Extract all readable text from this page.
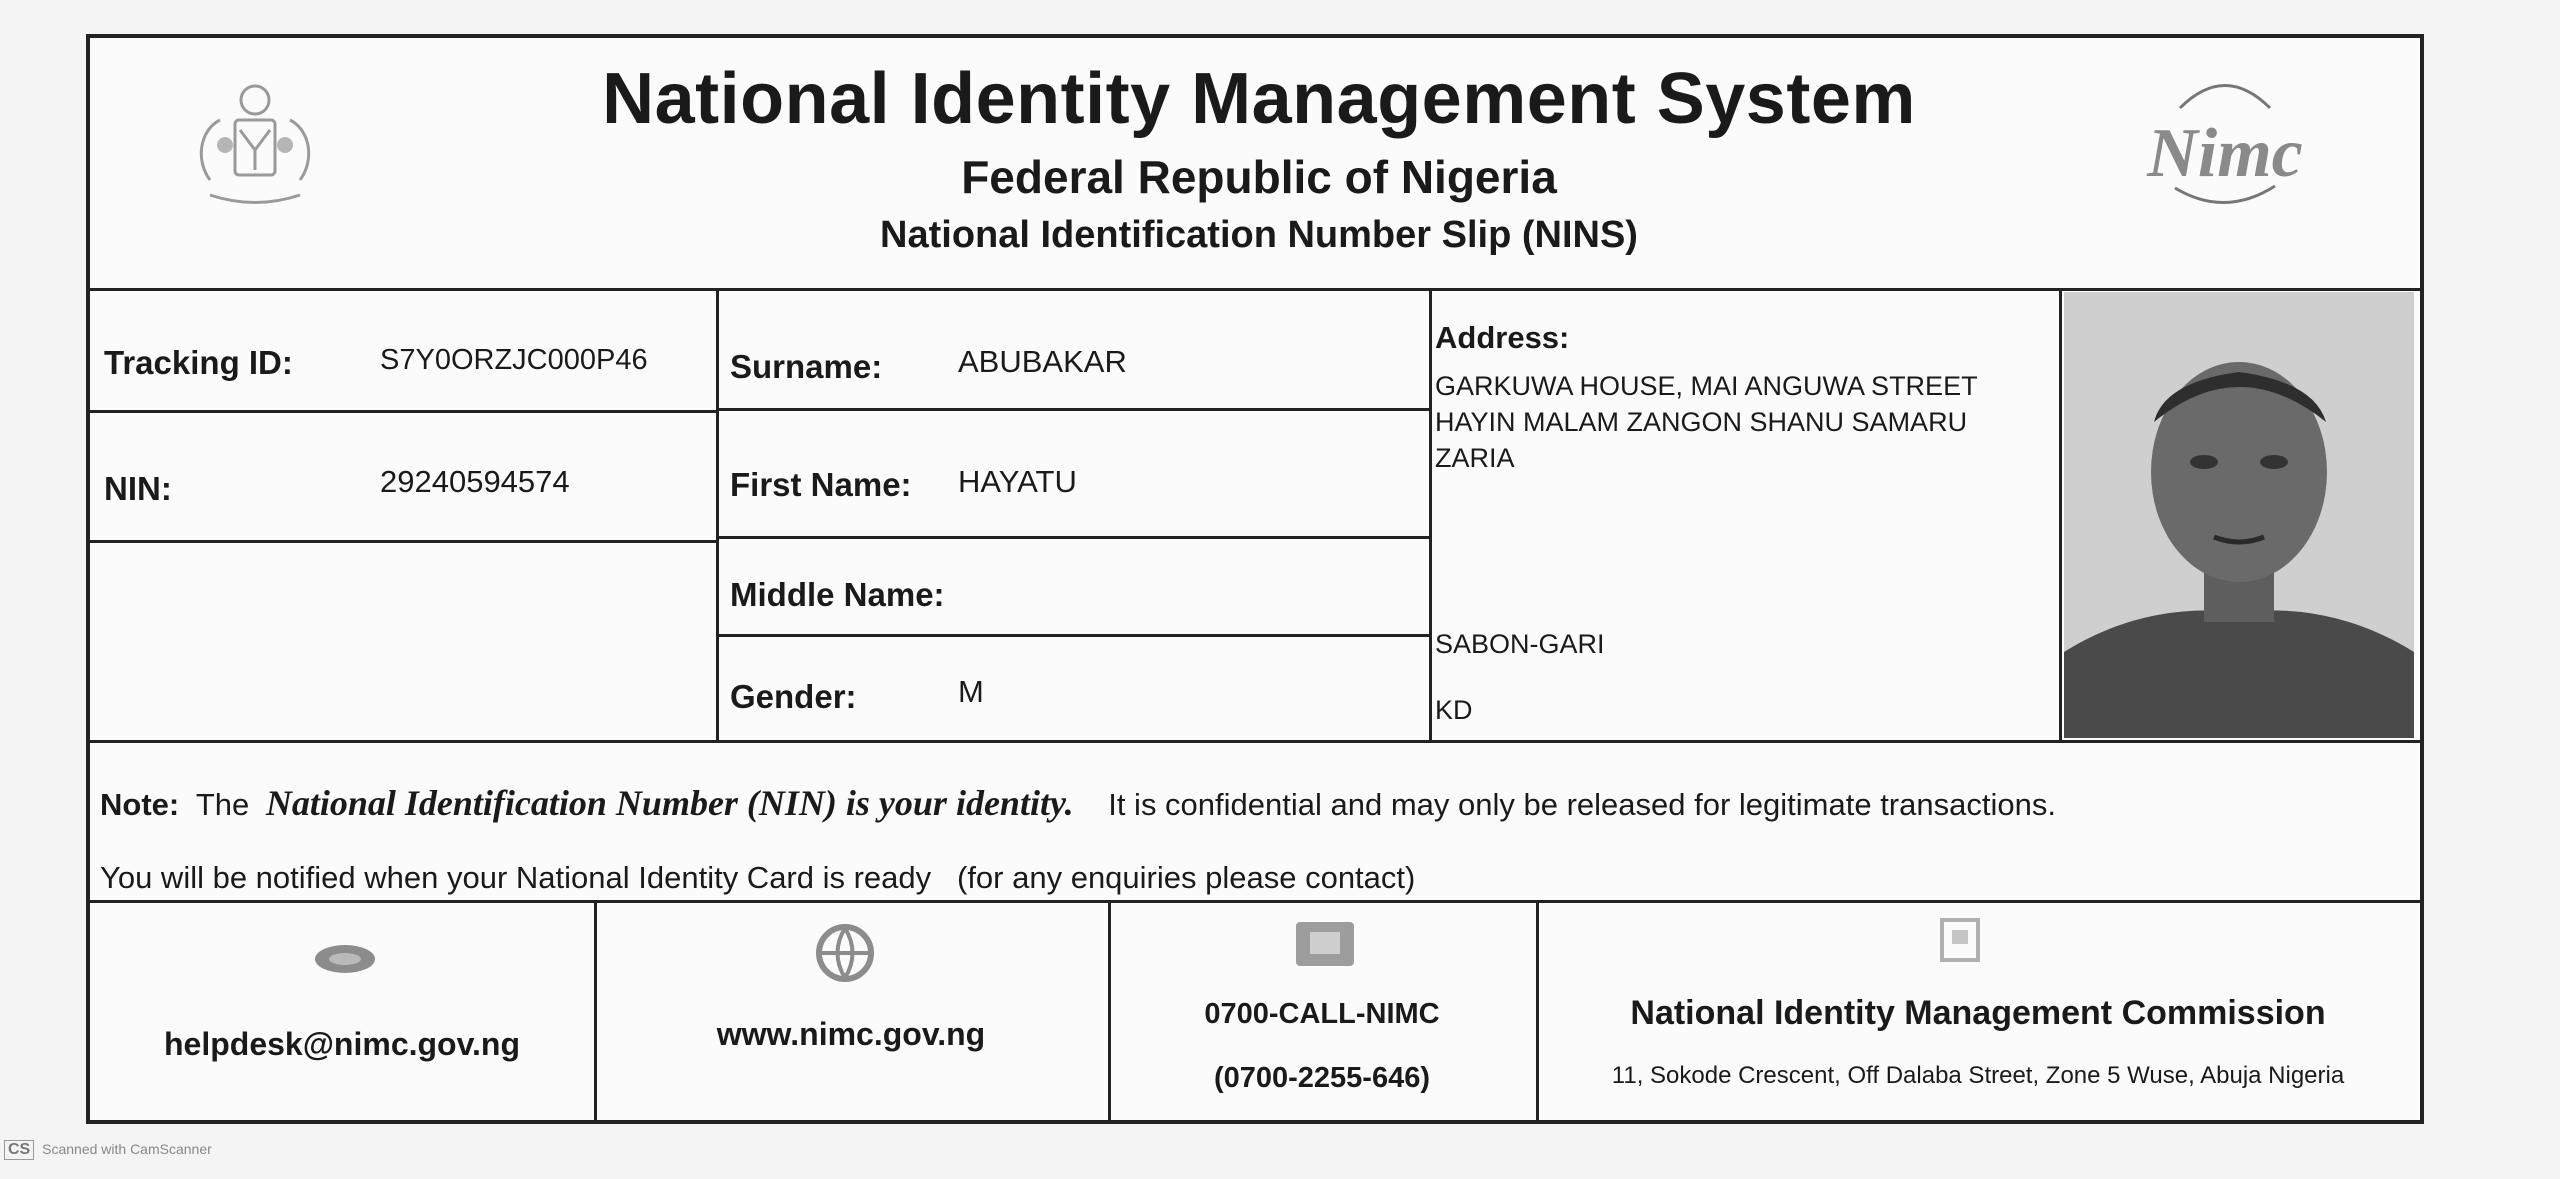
Nimc
National Identity Management System
Federal Republic of Nigeria
National Identification Number Slip (NINS)
Tracking ID:	S7Y0ORZJC000P46
NIN:	29240594574
Surname: ABUBAKAR
First Name: HAYATU
Middle Name:
Gender:	M
Address:
GARKUWA HOUSE, MAI ANGUWA STREET
HAYIN MALAM ZANGON SHANU SAMARU
ZARIA
SABON-GARI
KD
Note: The National Identification Number (NIN) is your identity. It is confidential and may only be released for legitimate transactions.
You will be notified when your National Identity Card is ready   (for any enquiries please contact)
helpdesk@nimc.gov.ng	www.nimc.gov.ng
0700-CALL-NIMC
(0700-2255-646)
National Identity Management Commission
11, Sokode Crescent, Off Dalaba Street, Zone 5 Wuse, Abuja Nigeria
CS Scanned with CamScanner
